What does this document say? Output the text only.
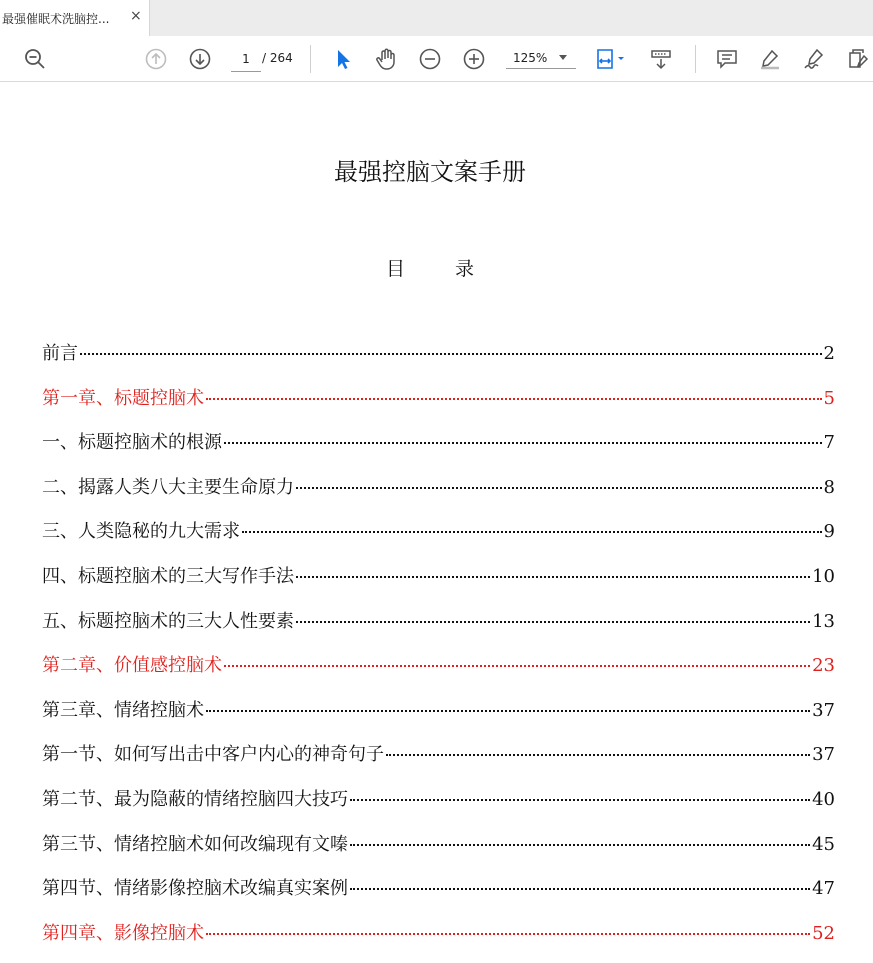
最强催眠术洗脑控... ×
1
/ 264	125%
最强控脑文案手册
目 录
前言	2
第一章、标题控脑术	5
一、标题控脑术的根源	7
二、揭露人类八大主要生命原力	8
三、人类隐秘的九大需求	9
四、标题控脑术的三大写作手法	10
五、标题控脑术的三大人性要素	13
第二章、价值感控脑术	23
第三章、情绪控脑术	37
第一节、如何写出击中客户内心的神奇句子	37
第二节、最为隐蔽的情绪控脑四大技巧	40
第三节、情绪控脑术如何改编现有文嗪	45
第四节、情绪影像控脑术改编真实案例	47
第四章、影像控脑术	52
